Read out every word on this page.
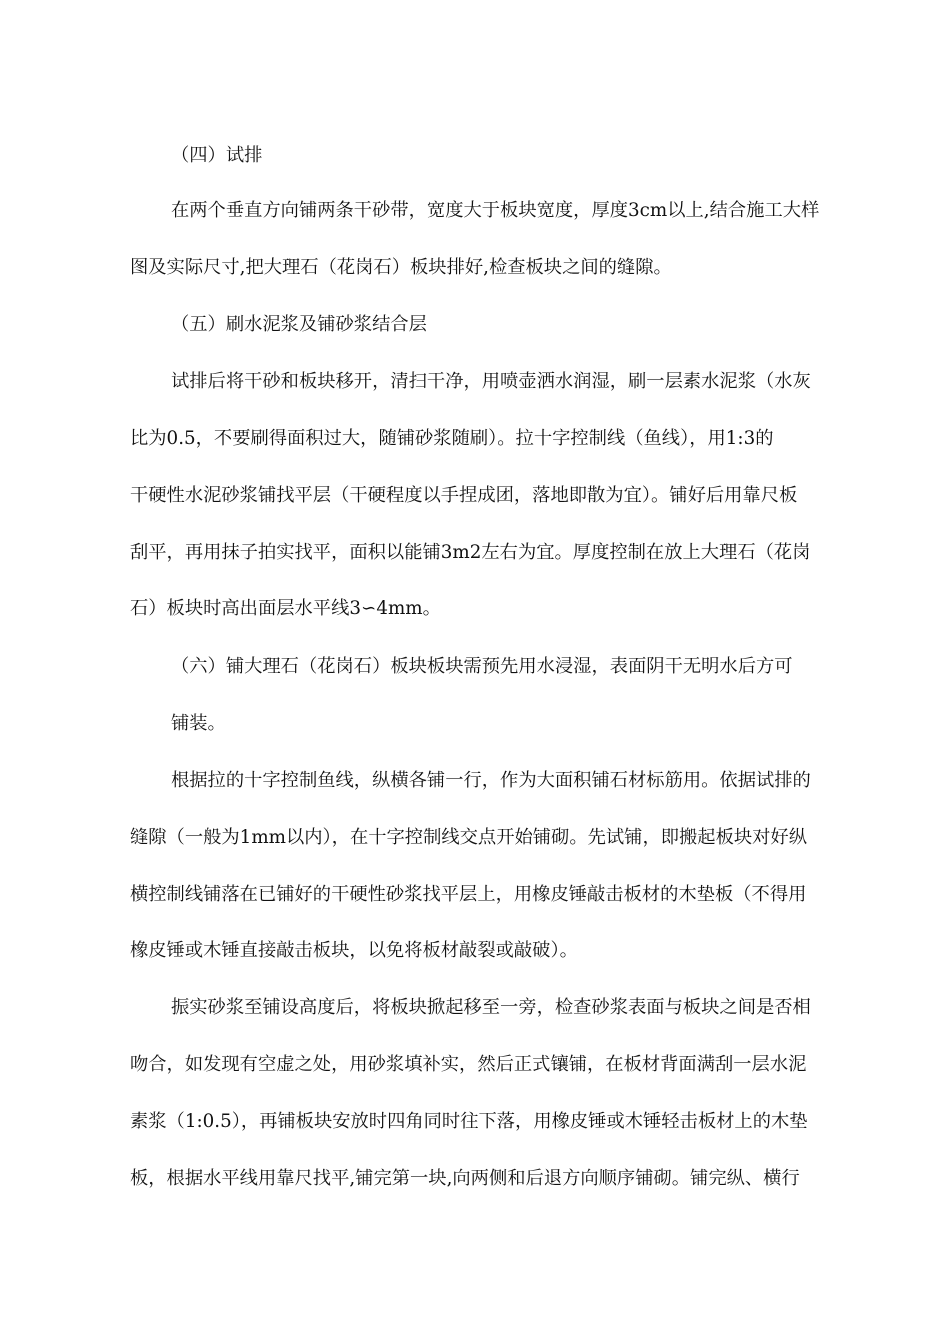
（四）试排
在两个垂直方向铺两条干砂带，宽度大于板块宽度，厚度3cm以上,结合施工大样
图及实际尺寸,把大理石（花岗石）板块排好,检查板块之间的缝隙。
（五）刷水泥浆及铺砂浆结合层
试排后将干砂和板块移开，清扫干净，用喷壶洒水润湿，刷一层素水泥浆（水灰
比为0.5，不要刷得面积过大，随铺砂浆随刷）。拉十字控制线（鱼线），用1:3的
干硬性水泥砂浆铺找平层（干硬程度以手捏成团，落地即散为宜）。铺好后用靠尺板
刮平，再用抹子拍实找平，面积以能铺3m2左右为宜。厚度控制在放上大理石（花岗
石）板块时高出面层水平线3∽4mm。
（六）铺大理石（花岗石）板块板块需预先用水浸湿，表面阴干无明水后方可
铺装。
根据拉的十字控制鱼线，纵横各铺一行，作为大面积铺石材标筋用。依据试排的
缝隙（一般为1mm以内），在十字控制线交点开始铺砌。先试铺，即搬起板块对好纵
横控制线铺落在已铺好的干硬性砂浆找平层上，用橡皮锤敲击板材的木垫板（不得用
橡皮锤或木锤直接敲击板块，以免将板材敲裂或敲破）。
振实砂浆至铺设高度后，将板块掀起移至一旁，检查砂浆表面与板块之间是否相
吻合，如发现有空虚之处，用砂浆填补实，然后正式镶铺，在板材背面满刮一层水泥
素浆（1:0.5），再铺板块安放时四角同时往下落，用橡皮锤或木锤轻击板材上的木垫
板，根据水平线用靠尺找平,铺完第一块,向两侧和后退方向顺序铺砌。铺完纵、横行
